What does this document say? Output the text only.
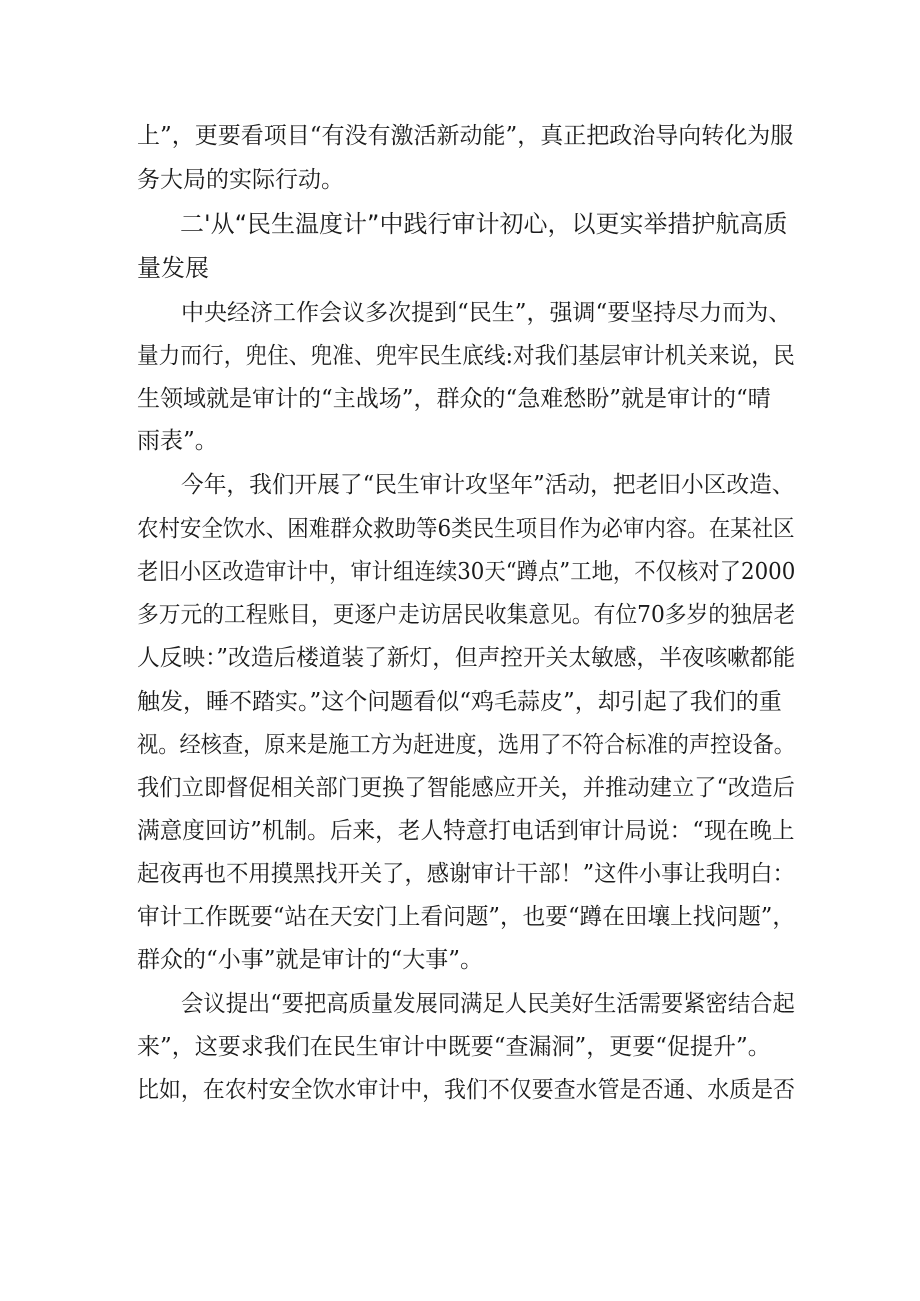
上”，更要看项目“有没有激活新动能”，真正把政治导向转化为服
务大局的实际行动。
二'从“民生温度计”中践行审计初心，以更实举措护航高质
量发展
中央经济工作会议多次提到“民生”，强调“要坚持尽力而为、
量力而行，兜住、兜准、兜牢民生底线:对我们基层审计机关来说，民
生领域就是审计的“主战场”，群众的“急难愁盼”就是审计的“晴
雨表”。
今年，我们开展了“民生审计攻坚年”活动，把老旧小区改造、
农村安全饮水、困难群众救助等6类民生项目作为必审内容。在某社区
老旧小区改造审计中，审计组连续30天“蹲点”工地，不仅核对了2000
多万元的工程账目，更逐户走访居民收集意见。有位70多岁的独居老
人反映：”改造后楼道装了新灯，但声控开关太敏感，半夜咳嗽都能
触发，睡不踏实。”这个问题看似“鸡毛蒜皮”，却引起了我们的重
视。经核查，原来是施工方为赶进度，选用了不符合标准的声控设备。
我们立即督促相关部门更换了智能感应开关，并推动建立了“改造后
满意度回访”机制。后来，老人特意打电话到审计局说：“现在晚上
起夜再也不用摸黑找开关了，感谢审计干部！”这件小事让我明白：
审计工作既要“站在天安门上看问题”，也要“蹲在田壤上找问题”，
群众的“小事”就是审计的“大事”。
会议提出“要把高质量发展同满足人民美好生活需要紧密结合起
来”，这要求我们在民生审计中既要“查漏洞”，更要“促提升”。
比如，在农村安全饮水审计中，我们不仅要查水管是否通、水质是否
